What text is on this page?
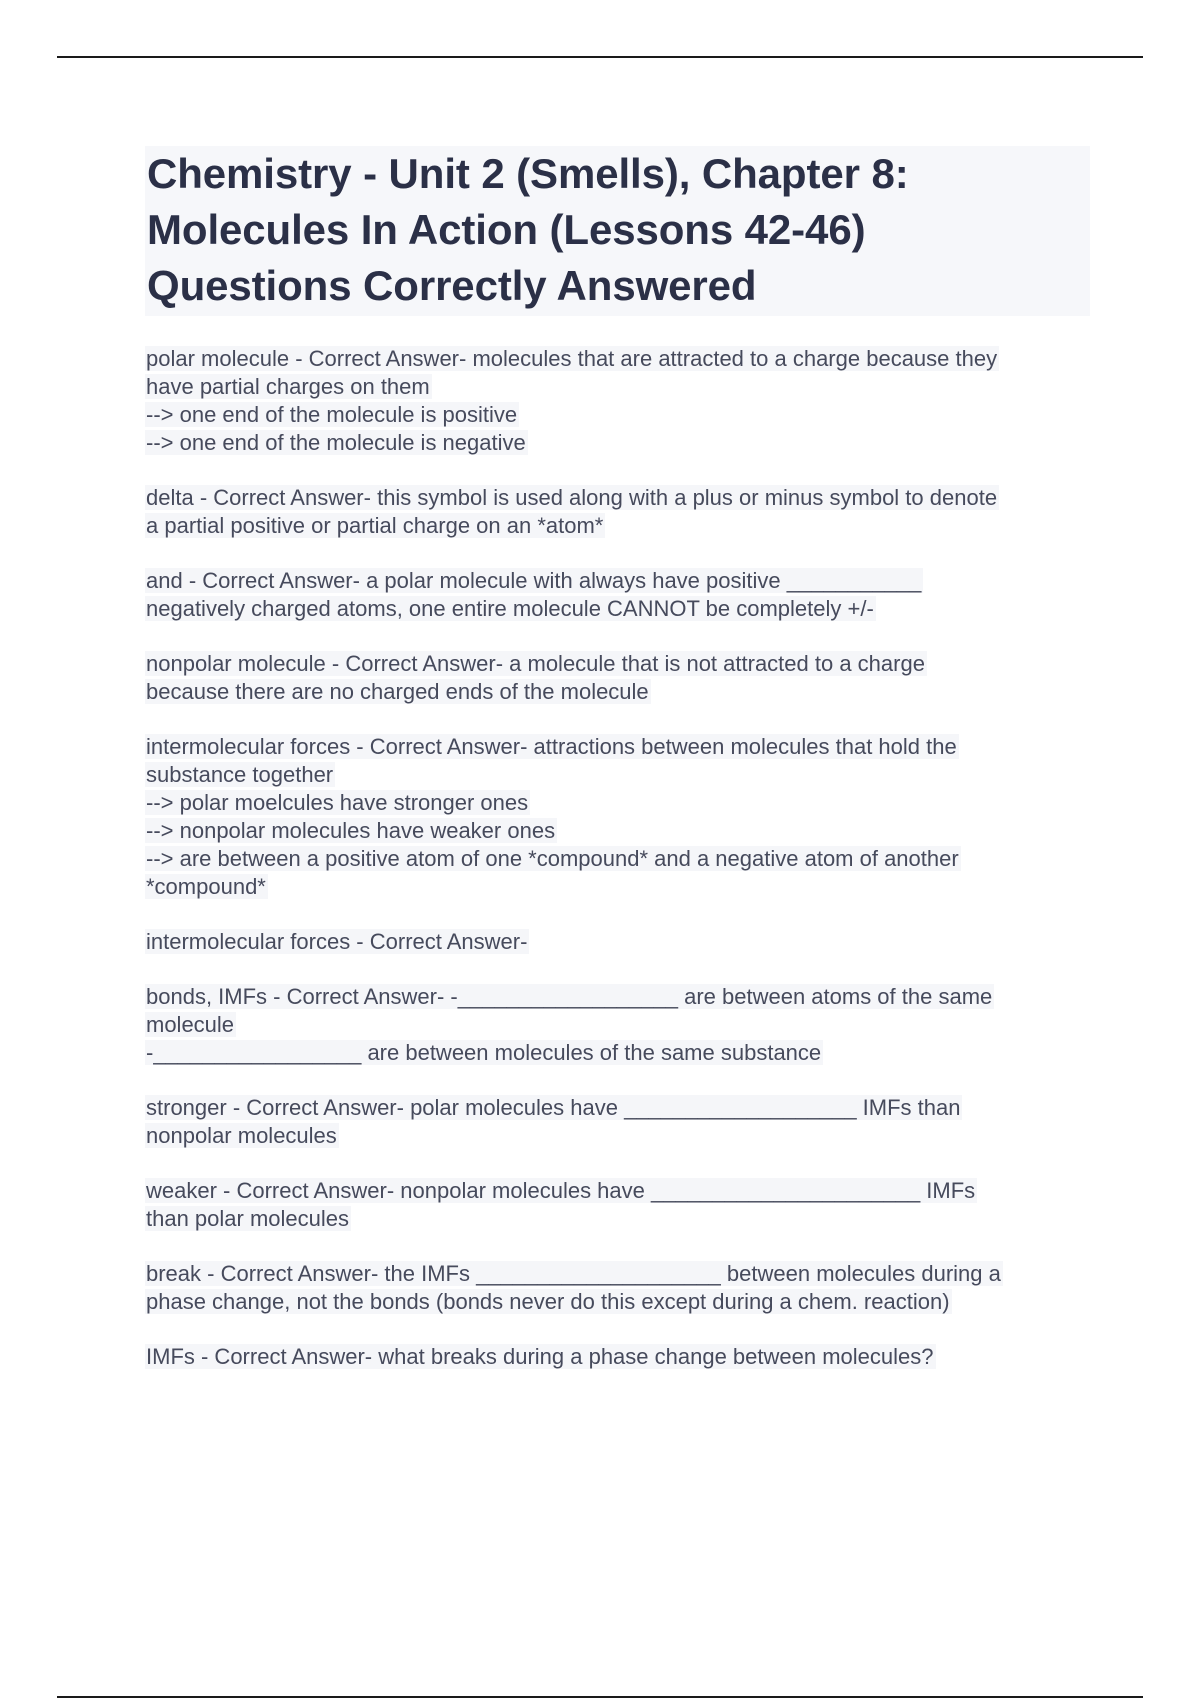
Chemistry - Unit 2 (Smells), Chapter 8:
Molecules In Action (Lessons 42-46)
Questions Correctly Answered
polar molecule - Correct Answer- molecules that are attracted to a charge because they
have partial charges on them
--> one end of the molecule is positive
--> one end of the molecule is negative
delta - Correct Answer- this symbol is used along with a plus or minus symbol to denote
a partial positive or partial charge on an *atom*
and - Correct Answer- a polar molecule with always have positive ___________
negatively charged atoms, one entire molecule CANNOT be completely +/-
nonpolar molecule - Correct Answer- a molecule that is not attracted to a charge
because there are no charged ends of the molecule
intermolecular forces - Correct Answer- attractions between molecules that hold the
substance together
--> polar moelcules have stronger ones
--> nonpolar molecules have weaker ones
--> are between a positive atom of one *compound* and a negative atom of another
*compound*
intermolecular forces - Correct Answer-
bonds, IMFs - Correct Answer- -__________________ are between atoms of the same
molecule
-_________________ are between molecules of the same substance
stronger - Correct Answer- polar molecules have ___________________ IMFs than
nonpolar molecules
weaker - Correct Answer- nonpolar molecules have ______________________ IMFs
than polar molecules
break - Correct Answer- the IMFs ____________________ between molecules during a
phase change, not the bonds (bonds never do this except during a chem. reaction)
IMFs - Correct Answer- what breaks during a phase change between molecules?
